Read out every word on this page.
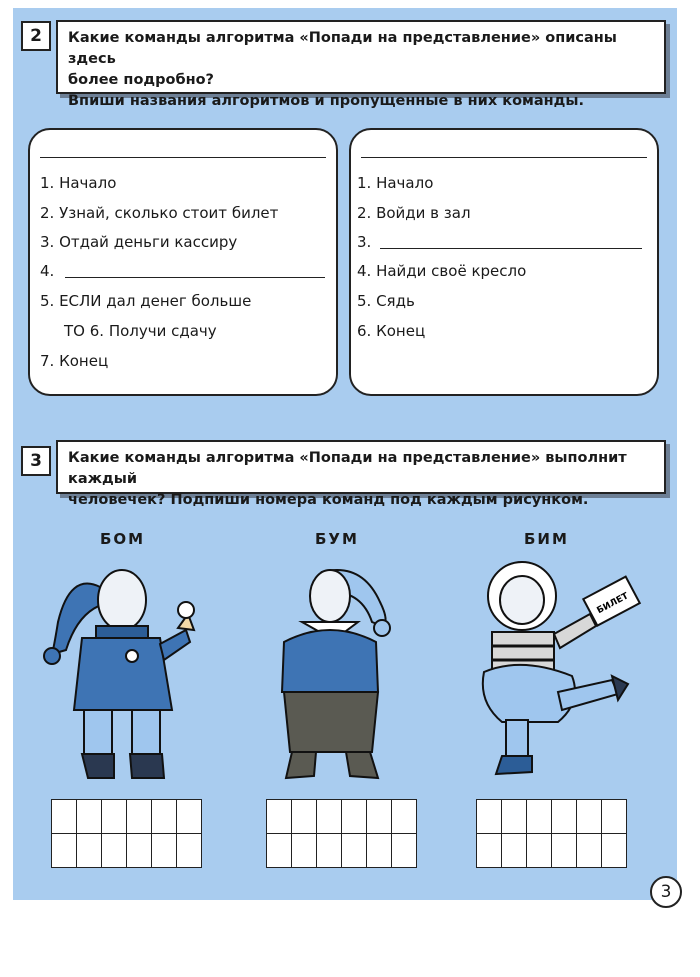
2	Какие команды алгоритма «Попади на представление» описаны здесь
более подробно?
Впиши названия алгоритмов и пропущенные в них команды.
1. Начало
2. Узнай, сколько стоит билет
3. Отдай деньги кассиру
4.
5. ЕСЛИ дал денег больше
ТО 6. Получи сдачу
7. Конец
1. Начало
2. Войди в зал
3.
4. Найди своё кресло
5. Сядь
6. Конец
3	Какие команды алгоритма «Попади на представление» выполнит каждый
человечек? Подпиши номера команд под каждым рисунком.
БОМ	БУМ	БИМ
БИЛЕТ

3
